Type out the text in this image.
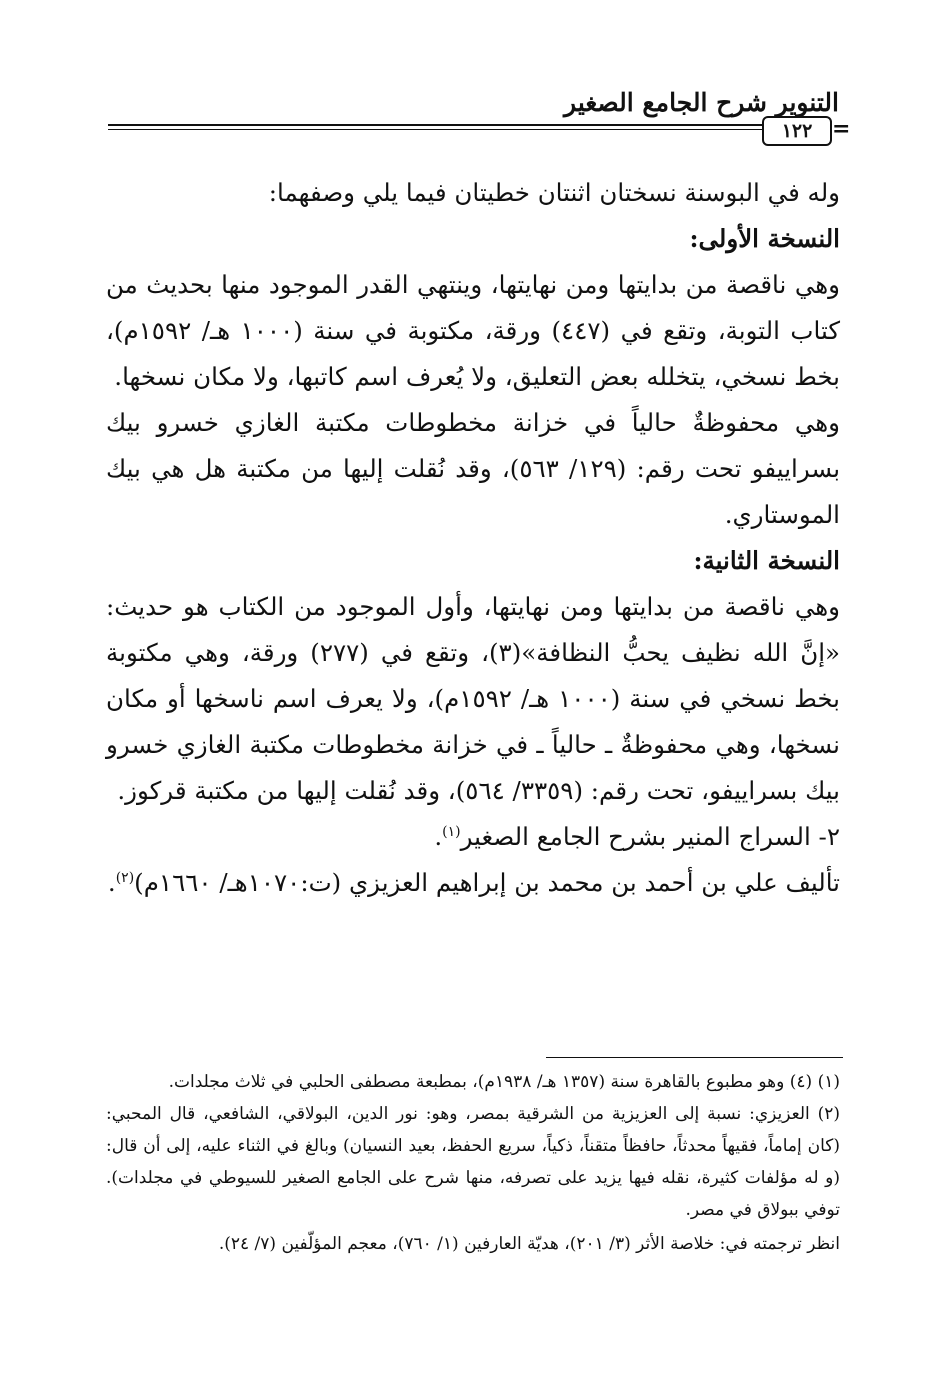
التنوير شرح الجامع الصغير
١٢٢ =

وله في البوسنة نسختان اثنتان خطيتان فيما يلي وصفهما:

النسخة الأولى:

وهي ناقصة من بدايتها ومن نهايتها، وينتهي القدر الموجود منها بحديث من كتاب التوبة، وتقع في (٤٤٧) ورقة، مكتوبة في سنة (١٠٠٠ هـ/ ١٥٩٢م)، بخط نسخي، يتخلله بعض التعليق، ولا يُعرف اسم كاتبها، ولا مكان نسخها.

وهي محفوظةٌ حالياً في خزانة مخطوطات مكتبة الغازي خسرو بيك بسراييفو تحت رقم: (١٢٩/ ٥٦٣)، وقد نُقلت إليها من مكتبة هل هي بيك الموستاري.

النسخة الثانية:

وهي ناقصة من بدايتها ومن نهايتها، وأول الموجود من الكتاب هو حديث: «إنَّ الله نظيف يحبُّ النظافة»(٣)، وتقع في (٢٧٧) ورقة، وهي مكتوبة بخط نسخي في سنة (١٠٠٠ هـ/ ١٥٩٢م)، ولا يعرف اسم ناسخها أو مكان نسخها، وهي محفوظةٌ ـ حالياً ـ في خزانة مخطوطات مكتبة الغازي خسرو بيك بسراييفو، تحت رقم: (٣٣٥٩/ ٥٦٤)، وقد نُقلت إليها من مكتبة قركوز.

٢- السراج المنير بشرح الجامع الصغير$^{(١)}$.

تأليف علي بن أحمد بن محمد بن إبراهيم العزيزي (ت:١٠٧٠هـ/ ١٦٦٠م)$^{(٢)}$.

(١) (٤) وهو مطبوع بالقاهرة سنة (١٣٥٧ هـ/ ١٩٣٨م)، بمطبعة مصطفى الحلبي في ثلاث مجلدات.

(٢) العزيزي: نسبة إلى العزيزية من الشرقية بمصر، وهو: نور الدين، البولاقي، الشافعي، قال المحبي: (كان إماماً، فقيهاً محدثاً، حافظاً متقناً، ذكياً، سريع الحفظ، بعيد النسيان) وبالغ في الثناء عليه، إلى أن قال: (و له مؤلفات كثيرة، نقله فيها يزيد على تصرفه، منها شرح على الجامع الصغير للسيوطي في مجلدات). توفي ببولاق في مصر.

انظر ترجمته في: خلاصة الأثر (٣/ ٢٠١)، هديّة العارفين (١/ ٧٦٠)، معجم المؤلّفين (٧/ ٢٤).
